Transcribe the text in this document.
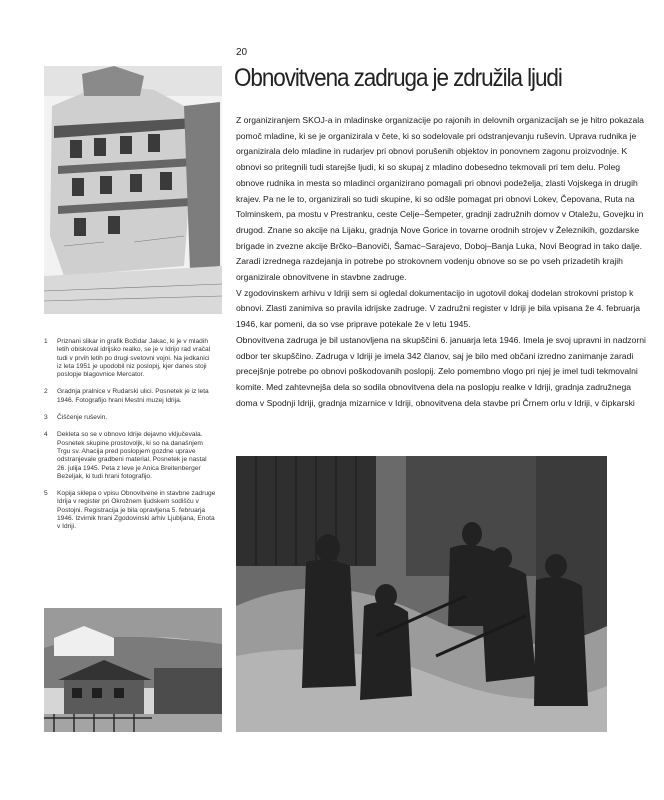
20
Obnovitvena zadruga je združila ljudi

Z organiziranjem SKOJ-a in mladinske organizacije po rajonih in delovnih organizacijah se je hitro pokazala pomoč mladine, ki se je organizirala v čete, ki so sodelovale pri odstranjevanju ruševin. Uprava rudnika je organizirala delo mladine in rudarjev pri obnovi porušenih objektov in ponovnem zagonu proizvodnje. K obnovi so pritegnili tudi starejše ljudi, ki so skupaj z mladino dobesedno tekmovali pri tem delu. Poleg obnove rudnika in mesta so mladinci organizirano pomagali pri obnovi podeželja, zlasti Vojskega in drugih krajev. Pa ne le to, organizirali so tudi skupine, ki so odšle pomagat pri obnovi Lokev, Čepovana, Ruta na Tolminskem, pa mostu v Prestranku, ceste Celje–Šempeter, gradnji zadružnih domov v Otaležu, Govejku in drugod. Znane so akcije na Lijaku, gradnja Nove Gorice in tovarne orodnih strojev v Železnikih, gozdarske brigade in zvezne akcije Brčko–Banoviči, Šamac–Sarajevo, Doboj–Banja Luka, Novi Beograd in tako dalje. Zaradi izrednega razdejanja in potrebe po strokovnem vodenju obnove so se po vseh prizadetih krajih organizirale obnovitvene in stavbne zadruge.

V zgodovinskem arhivu v Idriji sem si ogledal dokumentacijo in ugotovil dokaj dodelan strokovni pristop k obnovi. Zlasti zanimiva so pravila idrijske zadruge. V zadružni register v Idriji je bila vpisana že 4. februarja 1946, kar pomeni, da so vse priprave potekale že v letu 1945.

Obnovitvena zadruga je bil ustanovljena na skupščini 6. januarja leta 1946. Imela je svoj upravni in nadzorni odbor ter skupščino. Zadruga v Idriji je imela 342 članov, saj je bilo med občani izredno zanimanje zaradi precejšnje potrebe po obnovi poškodovanih poslopij. Zelo pomembno vlogo pri njej je imel tudi tekmovalni komite. Med zahtevnejša dela so sodila obnovitvena dela na poslopju realke v Idriji, gradnja zadružnega doma v Spodnji Idriji, gradnja mizarnice v Idriji, obnovitvena dela stavbe pri Črnem orlu v Idriji, v čipkarski

1	Priznani slikar in grafik Božidar Jakac, ki je v mladih letih obiskoval idrijsko realko, se je v Idrijo rad vračal tudi v prvih letih po drugi svetovni vojni. Na jedkanici iz leta 1951 je upodobil niz poslopij, kjer danes stoji poslopje blagovnice Mercator.
2	Gradnja pralnice v Rudarski ulici. Posnetek je iz leta 1946. Fotografijo hrani Mestni muzej Idrija.
3	Čiščenje ruševin.
4	Dekleta so se v obnovo Idrije dejavno vključevala. Posnetek skupine prostovoljk, ki so na današnjem Trgu sv. Ahacija pred poslopjem gozdne uprave odstranjevale gradbeni material. Posnetek je nastal 26. julija 1945. Peta z leve je Anica Breitenberger Bezeljak, ki tudi hrani fotografijo.
5	Kopija sklepa o vpisu Obnovitvene in stavbne zadruge Idrija v register pri Okrožnem ljudskem sodišču v Postojni. Registracija je bila opravljena 5. februarja 1946. Izvirnik hrani Zgodovinski arhiv Ljubljana, Enota v Idriji.
